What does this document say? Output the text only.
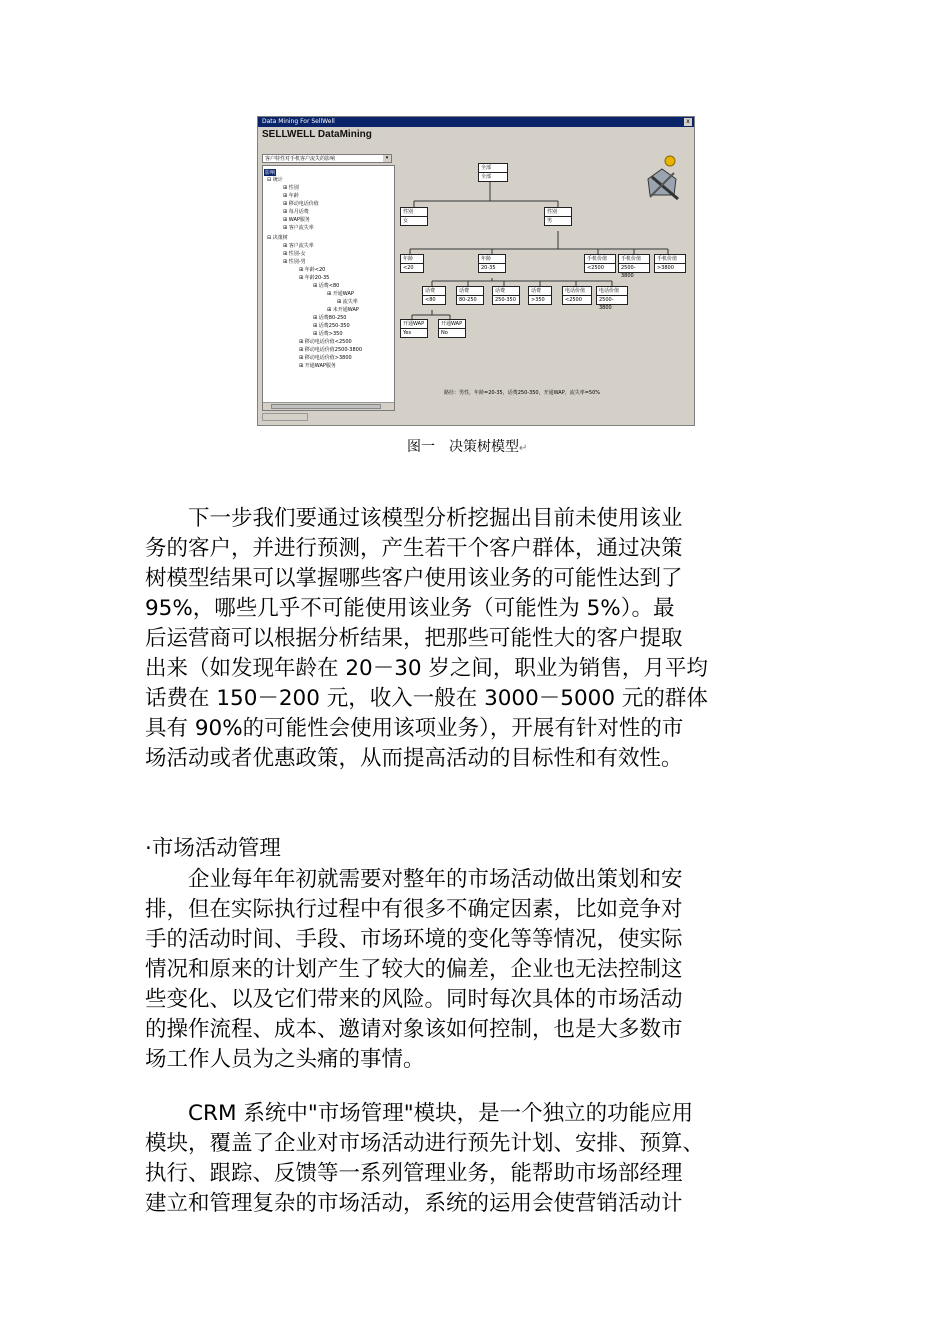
Data Mining For SellWell	x
SELLWELL DataMining
客户特性对手机客户流失的影响	▾
影响
⊟ 统计
⊞ 性别
⊞ 年龄
⊞ 移动电话价值
⊞ 每月话费
⊞ WAP服务
⊞ 客户流失率
⊟ 决策树
⊞ 客户流失率
⊞ 性别-女
⊞ 性别-男
⊞ 年龄<20
⊞ 年龄20-35
⊞ 话费<80
⊞ 开通WAP
⊞ 流失率
⊞ 未开通WAP
⊞ 话费80-250
⊞ 话费250-350
⊞ 话费>350
⊞ 移动电话价值<2500
⊞ 移动电话价值2500-3800
⊞ 移动电话价值>3800
⊞ 开通WAP服务
全部
全部
性别
女
性别
男
年龄
<20
年龄
20-35
手机价值
<2500
手机价值
2500-3800
手机价值
>3800
话费
<80
话费
80-250
话费
250-350
话费
>350
电话价值
<2500
电话价值
2500-3800
开通WAP
Yes
开通WAP
No
路径：男性，年龄=20-35，话费250-350，开通WAP，流失率=50%
图一　决策树模型↵
　　下一步我们要通过该模型分析挖掘出目前未使用该业
务的客户，并进行预测，产生若干个客户群体，通过决策
树模型结果可以掌握哪些客户使用该业务的可能性达到了
95%，哪些几乎不可能使用该业务（可能性为 5%）。最
后运营商可以根据分析结果，把那些可能性大的客户提取
出来（如发现年龄在 20－30 岁之间，职业为销售，月平均
话费在 150－200 元，收入一般在 3000－5000 元的群体
具有 90%的可能性会使用该项业务），开展有针对性的市
场活动或者优惠政策，从而提高活动的目标性和有效性。
·市场活动管理
　　企业每年年初就需要对整年的市场活动做出策划和安
排，但在实际执行过程中有很多不确定因素，比如竞争对
手的活动时间、手段、市场环境的变化等等情况，使实际
情况和原来的计划产生了较大的偏差，企业也无法控制这
些变化、以及它们带来的风险。同时每次具体的市场活动
的操作流程、成本、邀请对象该如何控制，也是大多数市
场工作人员为之头痛的事情。
　　CRM 系统中"市场管理"模块，是一个独立的功能应用
模块，覆盖了企业对市场活动进行预先计划、安排、预算、
执行、跟踪、反馈等一系列管理业务，能帮助市场部经理
建立和管理复杂的市场活动，系统的运用会使营销活动计
